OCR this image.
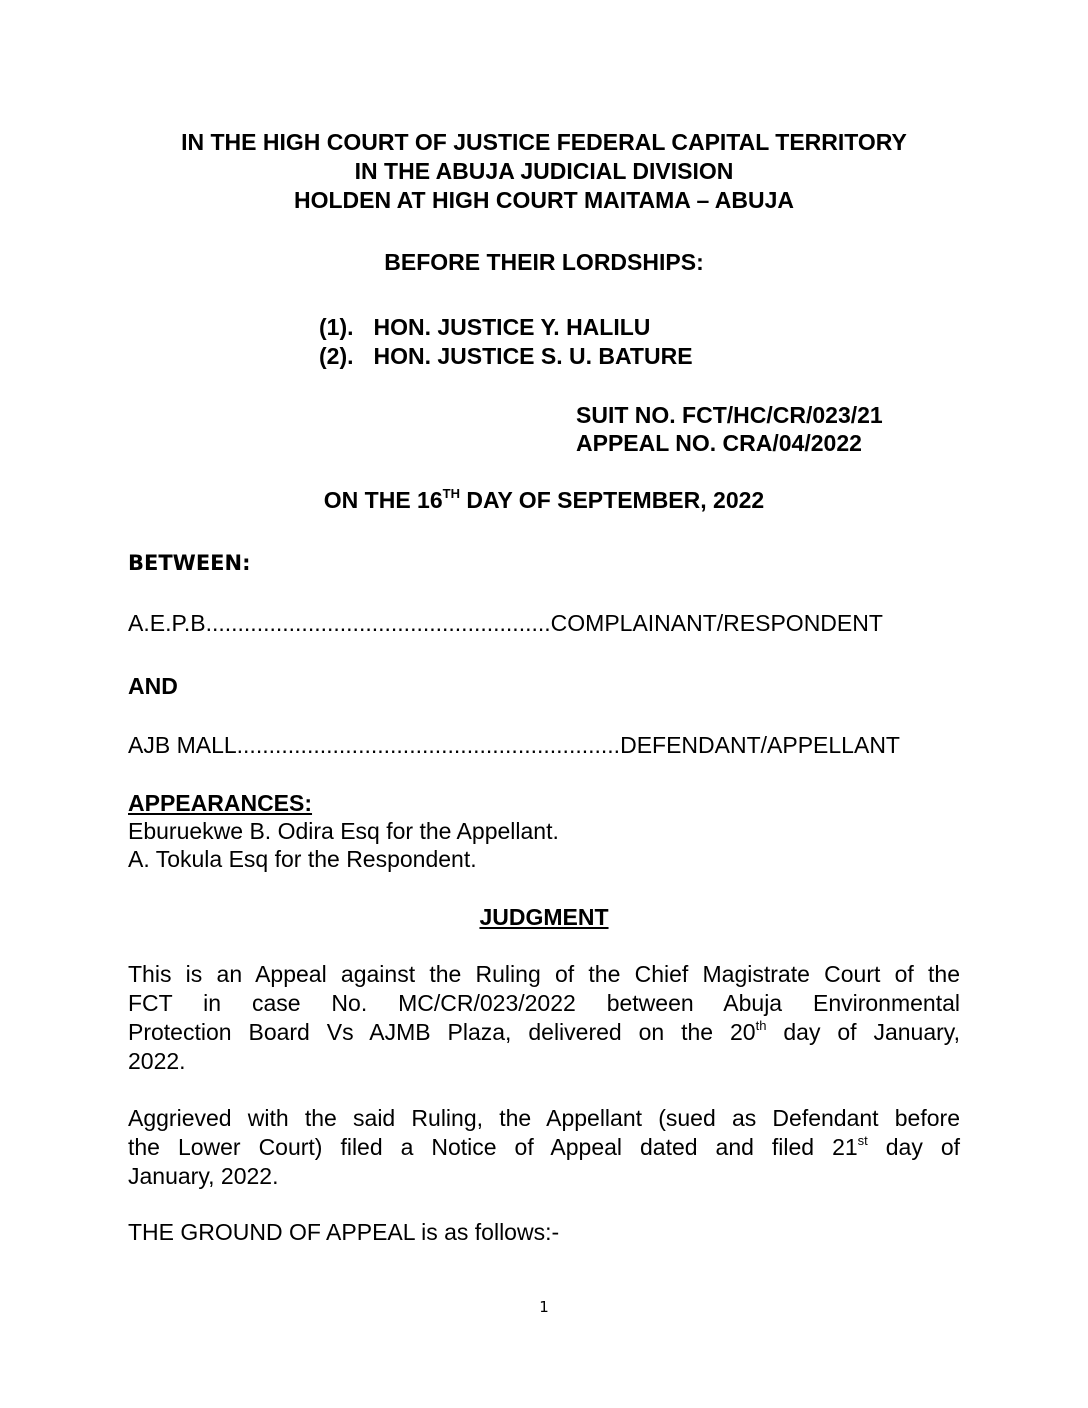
IN THE HIGH COURT OF JUSTICE FEDERAL CAPITAL TERRITORY
IN THE ABUJA JUDICIAL DIVISION
HOLDEN AT HIGH COURT MAITAMA – ABUJA
BEFORE THEIR LORDSHIPS:
(1). HON. JUSTICE Y. HALILU
(2). HON. JUSTICE S. U. BATURE
SUIT NO. FCT/HC/CR/023/21
APPEAL NO. CRA/04/2022
ON THE 16TH DAY OF SEPTEMBER, 2022
BETWEEN:
A.E.P.B......................................................COMPLAINANT/RESPONDENT
AND
AJB MALL............................................................DEFENDANT/APPELLANT
APPEARANCES:
Eburuekwe B. Odira Esq for the Appellant.
A. Tokula Esq for the Respondent.
JUDGMENT
This is an Appeal against the Ruling of the Chief Magistrate Court of the
FCT in case No. MC/CR/023/2022 between Abuja Environmental
Protection Board Vs AJMB Plaza, delivered on the 20th day of January,
2022.
Aggrieved with the said Ruling, the Appellant (sued as Defendant before
the Lower Court) filed a Notice of Appeal dated and filed 21st day of
January, 2022.
THE GROUND OF APPEAL is as follows:-
1
